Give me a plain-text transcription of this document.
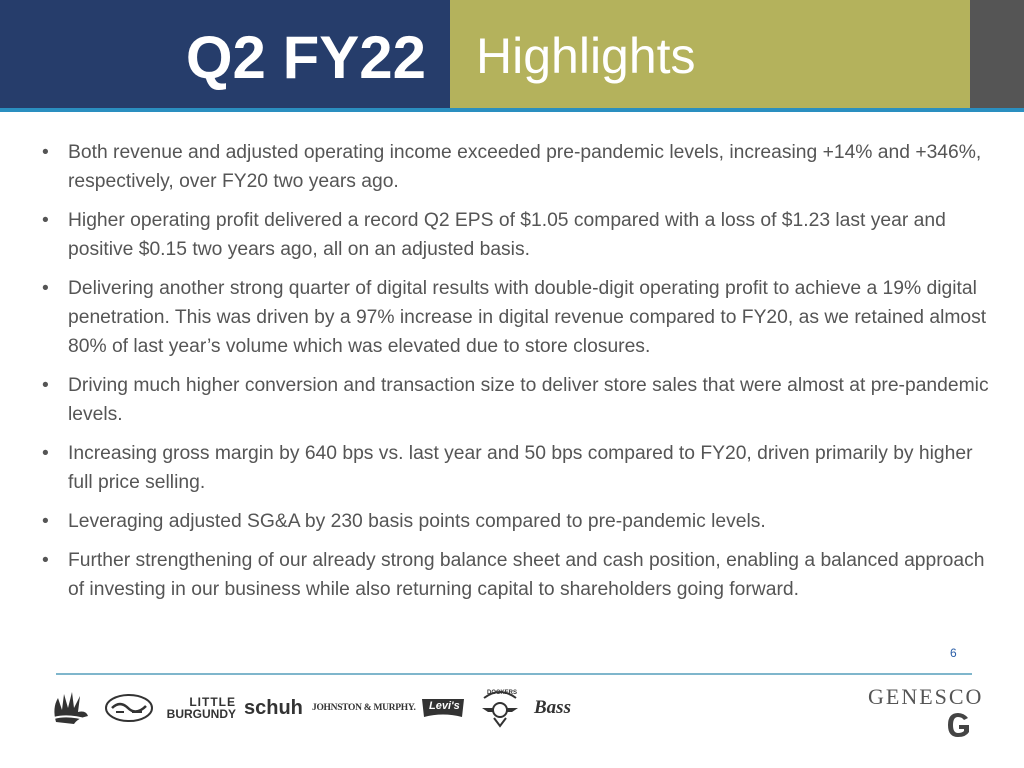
Q2 FY22 Highlights
• Both revenue and adjusted operating income exceeded pre-pandemic levels, increasing +14% and +346%, respectively, over FY20 two years ago.
• Higher operating profit delivered a record Q2 EPS of $1.05 compared with a loss of $1.23 last year and positive $0.15 two years ago, all on an adjusted basis.
• Delivering another strong quarter of digital results with double-digit operating profit to achieve a 19% digital penetration. This was driven by a 97% increase in digital revenue compared to FY20, as we retained almost 80% of last year’s volume which was elevated due to store closures.
• Driving much higher conversion and transaction size to deliver store sales that were almost at pre-pandemic levels.
• Increasing gross margin by 640 bps vs. last year and 50 bps compared to FY20, driven primarily by higher full price selling.
• Leveraging adjusted SG&A by 230 basis points compared to pre-pandemic levels.
• Further strengthening of our already strong balance sheet and cash position, enabling a balanced approach of investing in our business while also returning capital to shareholders going forward.
6
LITTLE
BURGUNDY schuh JOHNSTON & MURPHY. Levi's
DOCKERS
Bass	GENESCO
